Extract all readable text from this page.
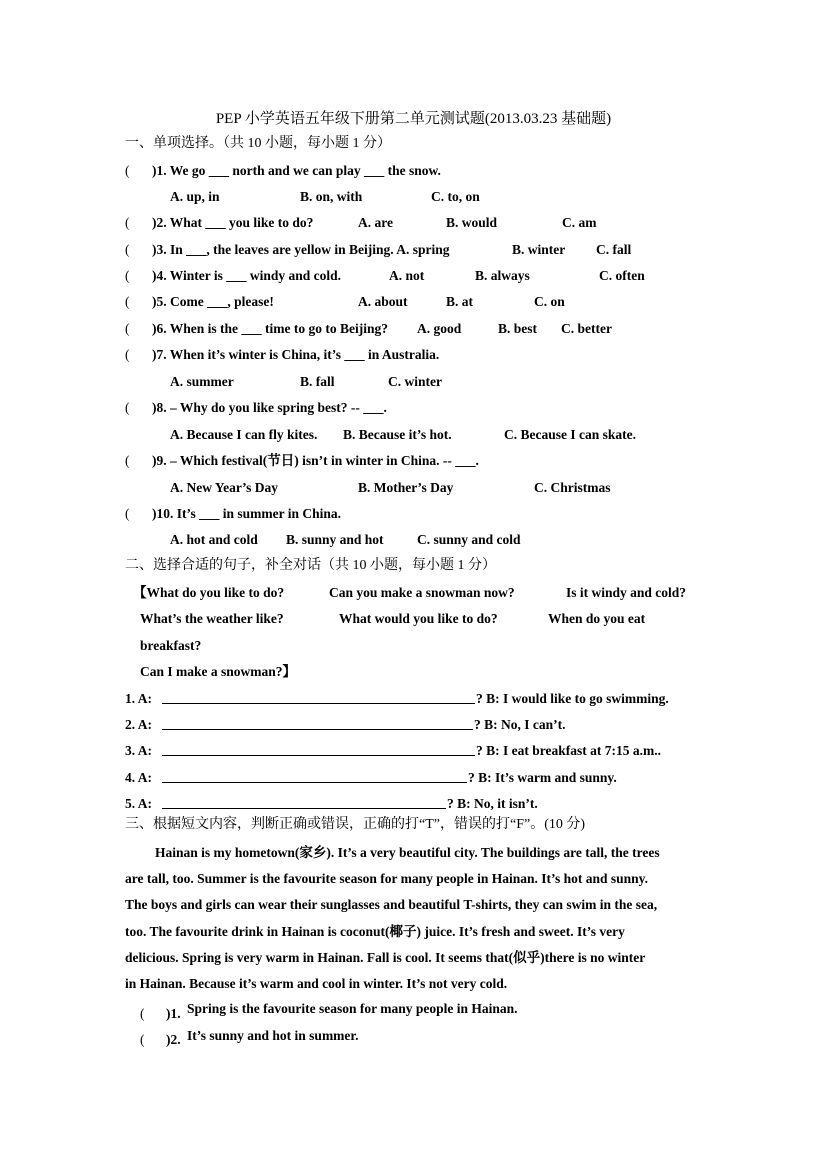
PEP 小学英语五年级下册第二单元测试题(2013.03.23 基础题)
一、单项选择。（共 10 小题，每小题 1 分）
( )1. We go ___ north and we can play ___ the snow.
A. up, in	B. on, with	C. to, on
( )2. What ___ you like to do?	A. are	B. would	C. am
( )3. In ___, the leaves are yellow in Beijing. A. spring	B. winter C. fall
( )4. Winter is ___ windy and cold.	A. not	B. always	C. often
( )5. Come ___, please!	A. about	B. at	C. on
( )6. When is the ___ time to go to Beijing? A. good	B. best C. better
( )7. When it’s winter is China, it’s ___ in Australia.
A. summer	B. fall	C. winter
( )8. – Why do you like spring best? -- ___.
A. Because I can fly kites. B. Because it’s hot.	C. Because I can skate.
( )9. – Which festival(节日) isn’t in winter in China. -- ___.
A. New Year’s Day	B. Mother’s Day	C. Christmas
( )10. It’s ___ in summer in China.
A. hot and cold B. sunny and hot C. sunny and cold
二、选择合适的句子，补全对话（共 10 小题，每小题 1 分）
【What do you like to do?	Can you make a snowman now?	Is it windy and cold?
What’s the weather like?	What would you like to do?	When do you eat
breakfast?
Can I make a snowman?】
1. A:	? B: I would like to go swimming.
2. A:	? B: No, I can’t.
3. A:	? B: I eat breakfast at 7:15 a.m..
4. A:	? B: It’s warm and sunny.
5. A:	? B: No, it isn’t.
三、根据短文内容，判断正确或错误，正确的打“T”，错误的打“F”。(10 分)
Hainan is my hometown(家乡). It’s a very beautiful city. The buildings are tall, the trees
are tall, too. Summer is the favourite season for many people in Hainan. It’s hot and sunny.
The boys and girls can wear their sunglasses and beautiful T-shirts, they can swim in the sea,
too. The favourite drink in Hainan is coconut(椰子) juice. It’s fresh and sweet. It’s very
delicious. Spring is very warm in Hainan. Fall is cool. It seems that(似乎)there is no winter
in Hainan. Because it’s warm and cool in winter. It’s not very cold.
( )1. Spring is the favourite season for many people in Hainan.
( )2. It’s sunny and hot in summer.
